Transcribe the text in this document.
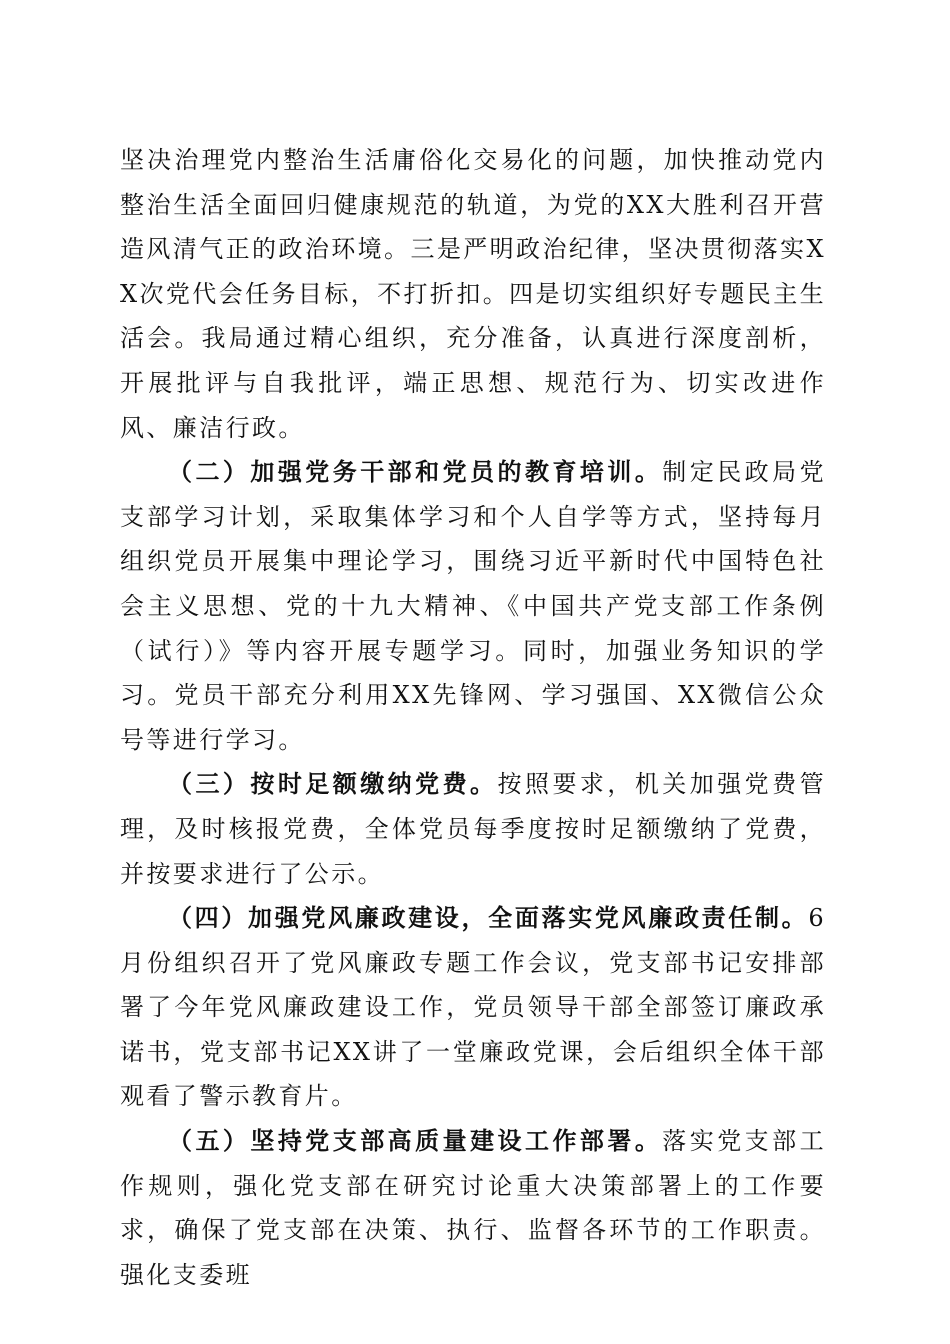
坚决治理党内整治生活庸俗化交易化的问题，加快推动党内整治生活全面回归健康规范的轨道，为党的XX大胜利召开营造风清气正的政治环境。三是严明政治纪律，坚决贯彻落实XX次党代会任务目标，不打折扣。四是切实组织好专题民主生活会。我局通过精心组织，充分准备，认真进行深度剖析，开展批评与自我批评，端正思想、规范行为、切实改进作风、廉洁行政。

（二）加强党务干部和党员的教育培训。制定民政局党支部学习计划，采取集体学习和个人自学等方式，坚持每月组织党员开展集中理论学习，围绕习近平新时代中国特色社会主义思想、党的十九大精神、《中国共产党支部工作条例（试行）》等内容开展专题学习。同时，加强业务知识的学习。党员干部充分利用XX先锋网、学习强国、XX微信公众号等进行学习。

（三）按时足额缴纳党费。按照要求，机关加强党费管理，及时核报党费，全体党员每季度按时足额缴纳了党费，并按要求进行了公示。

（四）加强党风廉政建设，全面落实党风廉政责任制。6月份组织召开了党风廉政专题工作会议，党支部书记安排部署了今年党风廉政建设工作，党员领导干部全部签订廉政承诺书，党支部书记XX讲了一堂廉政党课，会后组织全体干部观看了警示教育片。

（五）坚持党支部高质量建设工作部署。落实党支部工作规则，强化党支部在研究讨论重大决策部署上的工作要求，确保了党支部在决策、执行、监督各环节的工作职责。强化支委班
